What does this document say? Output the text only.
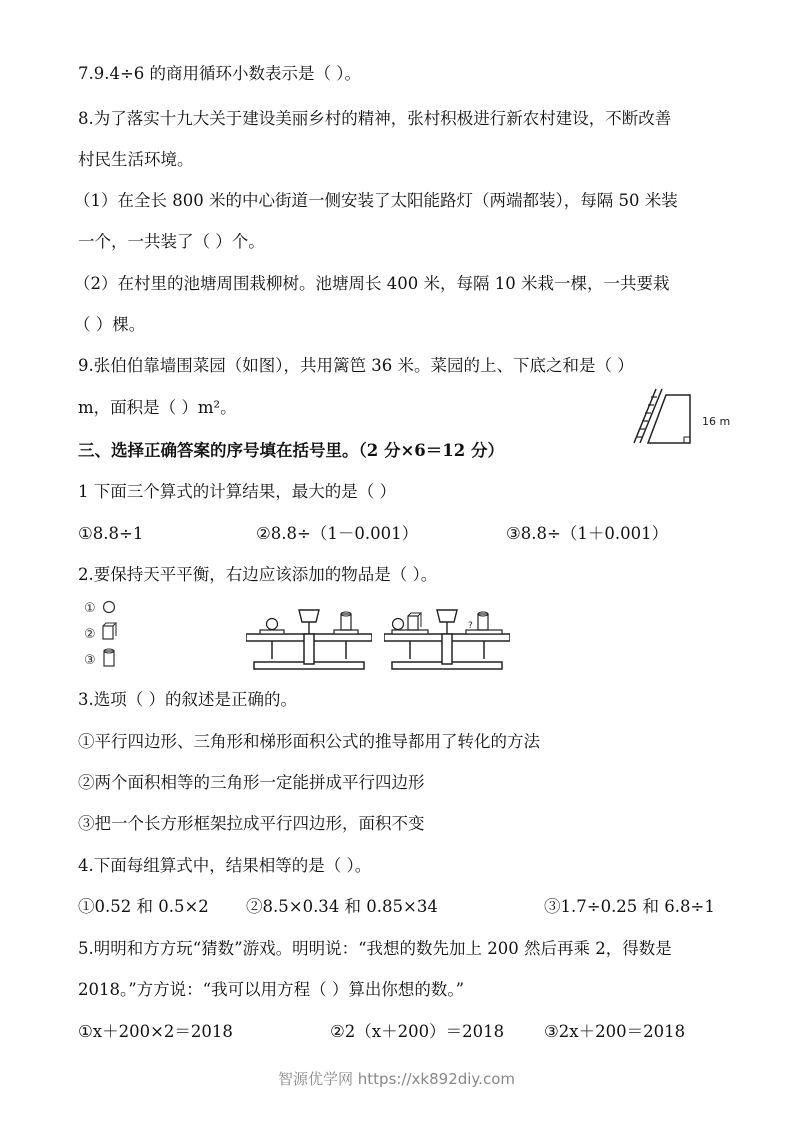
7.9.4÷6 的商用循环小数表示是（ ）。
8.为了落实十九大关于建设美丽乡村的精神，张村积极进行新农村建设，不断改善
村民生活环境。
（1）在全长 800 米的中心街道一侧安装了太阳能路灯（两端都装），每隔 50 米装
一个，一共装了（ ）个。
（2）在村里的池塘周围栽柳树。池塘周长 400 米，每隔 10 米栽一棵，一共要栽
（ ）棵。
9.张伯伯靠墙围菜园（如图），共用篱笆 36 米。菜园的上、下底之和是（ ）
m，面积是（ ）m²。
16 m
三、选择正确答案的序号填在括号里。（2 分×6＝12 分）
1 下面三个算式的计算结果，最大的是（ ）
①8.8÷1	②8.8÷（1－0.001）	③8.8÷（1＋0.001）
2.要保持天平平衡，右边应该添加的物品是（ ）。
①
②
③
?
3.选项（ ）的叙述是正确的。
①平行四边形、三角形和梯形面积公式的推导都用了转化的方法
②两个面积相等的三角形一定能拼成平行四边形
③把一个长方形框架拉成平行四边形，面积不变
4.下面每组算式中，结果相等的是（ ）。
①0.52 和 0.5×2 ②8.5×0.34 和 0.85×34	③1.7÷0.25 和 6.8÷1
5.明明和方方玩“猜数”游戏。明明说：“我想的数先加上 200 然后再乘 2，得数是
2018。”方方说：“我可以用方程（ ）算出你想的数。”
①x＋200×2＝2018	②2（x＋200）＝2018 ③2x＋200＝2018
智源优学网 https://xk892diy.com
